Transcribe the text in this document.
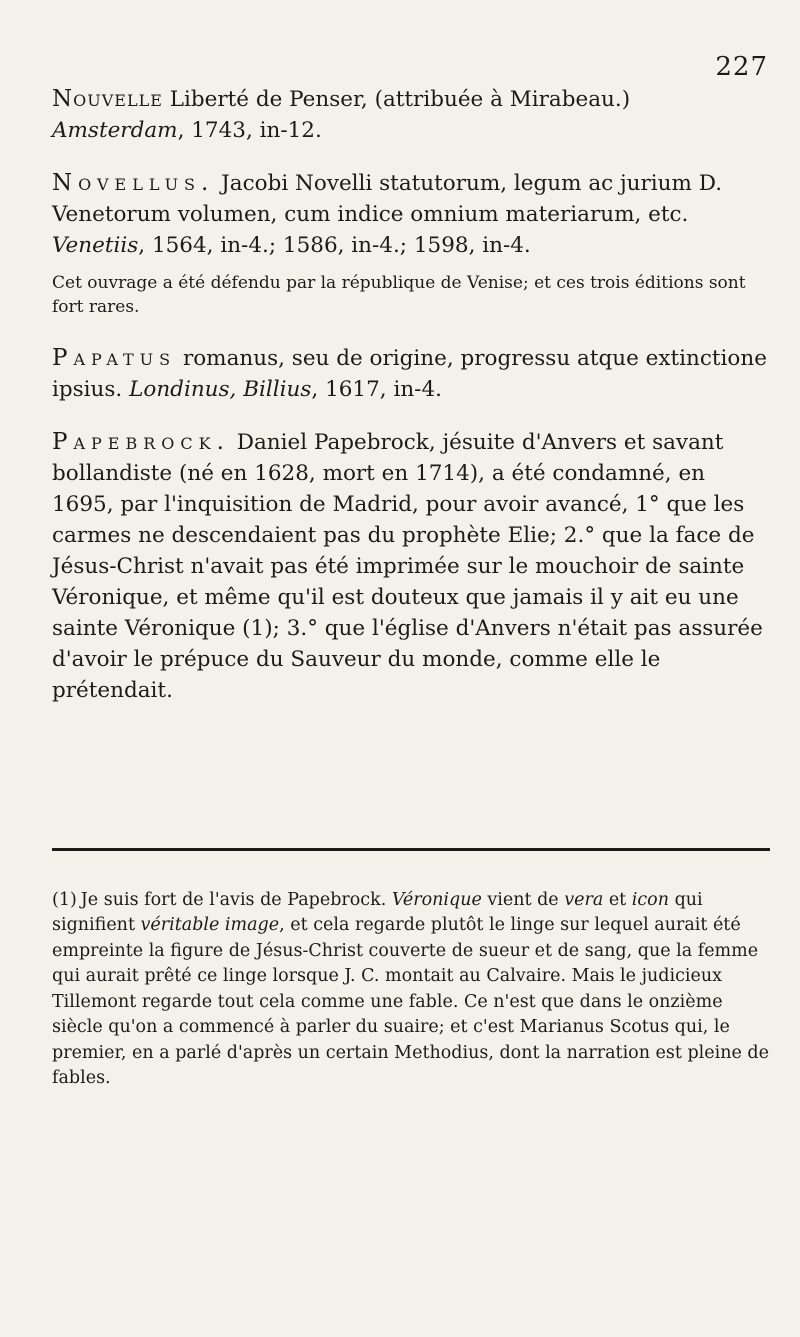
227

Nouvelle Liberté de Penser, (attribuée à Mirabeau.)
Amsterdam, 1743, in-12.

Novellus. Jacobi Novelli statutorum, legum ac jurium D. Venetorum volumen, cum indice omnium materiarum, etc. Venetiis, 1564, in-4.; 1586, in-4.; 1598, in-4.

Cet ouvrage a été défendu par la république de Venise; et ces trois éditions sont fort rares.

Papatus romanus, seu de origine, progressu atque extinctione ipsius. Londinus, Billius, 1617, in-4.

Papebrock. Daniel Papebrock, jésuite d'Anvers et savant bollandiste (né en 1628, mort en 1714), a été condamné, en 1695, par l'inquisition de Madrid, pour avoir avancé, 1° que les carmes ne descendaient pas du prophète Elie; 2.° que la face de Jésus-Christ n'avait pas été imprimée sur le mouchoir de sainte Véronique, et même qu'il est douteux que jamais il y ait eu une sainte Véronique (1); 3.° que l'église d'Anvers n'était pas assurée d'avoir le prépuce du Sauveur du monde, comme elle le prétendait.

(1) Je suis fort de l'avis de Papebrock. Véronique vient de vera et icon qui signifient véritable image, et cela regarde plutôt le linge sur lequel aurait été empreinte la figure de Jésus-Christ couverte de sueur et de sang, que la femme qui aurait prêté ce linge lorsque J. C. montait au Calvaire. Mais le judicieux Tillemont regarde tout cela comme une fable. Ce n'est que dans le onzième siècle qu'on a commencé à parler du suaire; et c'est Marianus Scotus qui, le premier, en a parlé d'après un certain Methodius, dont la narration est pleine de fables.
